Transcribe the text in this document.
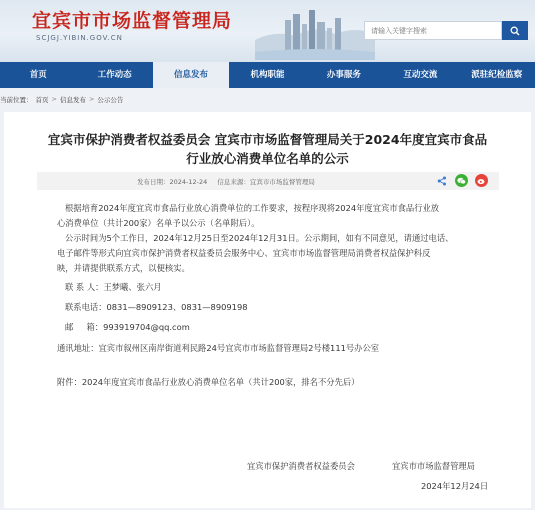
宜宾市市场监督管理局
SCJGJ.YIBIN.GOV.CN
请输入关键字搜索
首页	工作动态	信息发布	机构职能	办事服务	互动交流	派驻纪检监察
当前位置： 首页 > 信息发布 > 公示公告
宜宾市保护消费者权益委员会 宜宾市市场监督管理局关于2024年度宜宾市食品
行业放心消费单位名单的公示
发布日期：2024-12-24 信息来源：宜宾市市场监督管理局
根据培育2024年度宜宾市食品行业放心消费单位的工作要求，按程序现将2024年度宜宾市食品行业放
心消费单位（共计200家）名单予以公示（名单附后）。
公示时间为5个工作日，2024年12月25日至2024年12月31日。公示期间，如有不同意见，请通过电话、
电子邮件等形式向宜宾市保护消费者权益委员会服务中心、宜宾市市场监督管理局消费者权益保护科反
映，并请提供联系方式，以便核实。
联 系 人：王梦曦、张六月
联系电话：0831—8909123、0831—8909198
邮     箱：993919704@qq.com
通讯地址：宜宾市叙州区南岸街道利民路24号宜宾市市场监督管理局2号楼111号办公室
附件：2024年度宜宾市食品行业放心消费单位名单（共计200家，排名不分先后）
宜宾市保护消费者权益委员会	宜宾市市场监督管理局
2024年12月24日
